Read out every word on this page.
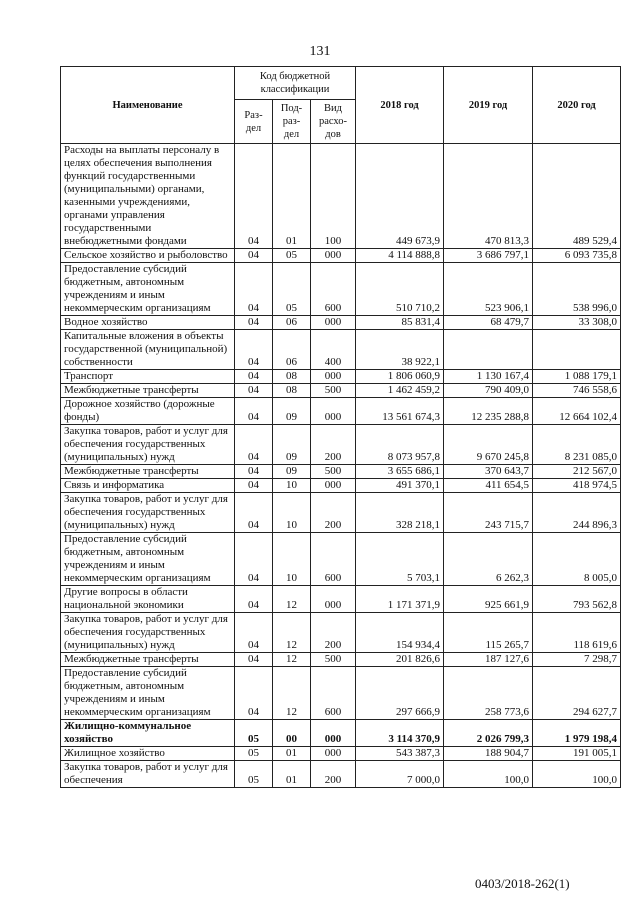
131
Наименование	Код бюджетной классификации			2018 год	2019 год	2020 год
	Раз- дел	Под- раз- дел	Вид расхо- дов			
Расходы на выплаты персоналу в целях обеспечения выполнения функций государственными (муниципальными) органами, казенными учреждениями, органами управления государственными внебюджетными фондами	04	01	100	449 673,9	470 813,3	489 529,4
Сельское хозяйство и рыболовство	04	05	000	4 114 888,8	3 686 797,1	6 093 735,8
Предоставление субсидий бюджетным, автономным учреждениям и иным некоммерческим организациям	04	05	600	510 710,2	523 906,1	538 996,0
Водное хозяйство	04	06	000	85 831,4	68 479,7	33 308,0
Капитальные вложения в объекты государственной (муниципальной) собственности	04	06	400	38 922,1		
Транспорт	04	08	000	1 806 060,9	1 130 167,4	1 088 179,1
Межбюджетные трансферты	04	08	500	1 462 459,2	790 409,0	746 558,6
Дорожное хозяйство (дорожные фонды)	04	09	000	13 561 674,3	12 235 288,8	12 664 102,4
Закупка товаров, работ и услуг для обеспечения государственных (муниципальных) нужд	04	09	200	8 073 957,8	9 670 245,8	8 231 085,0
Межбюджетные трансферты	04	09	500	3 655 686,1	370 643,7	212 567,0
Связь и информатика	04	10	000	491 370,1	411 654,5	418 974,5
Закупка товаров, работ и услуг для обеспечения государственных (муниципальных) нужд	04	10	200	328 218,1	243 715,7	244 896,3
Предоставление субсидий бюджетным, автономным учреждениям и иным некоммерческим организациям	04	10	600	5 703,1	6 262,3	8 005,0
Другие вопросы в области национальной экономики	04	12	000	1 171 371,9	925 661,9	793 562,8
Закупка товаров, работ и услуг для обеспечения государственных (муниципальных) нужд	04	12	200	154 934,4	115 265,7	118 619,6
Межбюджетные трансферты	04	12	500	201 826,6	187 127,6	7 298,7
Предоставление субсидий бюджетным, автономным учреждениям и иным некоммерческим организациям	04	12	600	297 666,9	258 773,6	294 627,7
Жилищно-коммунальное хозяйство	05	00	000	3 114 370,9	2 026 799,3	1 979 198,4
Жилищное хозяйство	05	01	000	543 387,3	188 904,7	191 005,1
Закупка товаров, работ и услуг для обеспечения	05	01	200	7 000,0	100,0	100,0
0403/2018-262(1)
